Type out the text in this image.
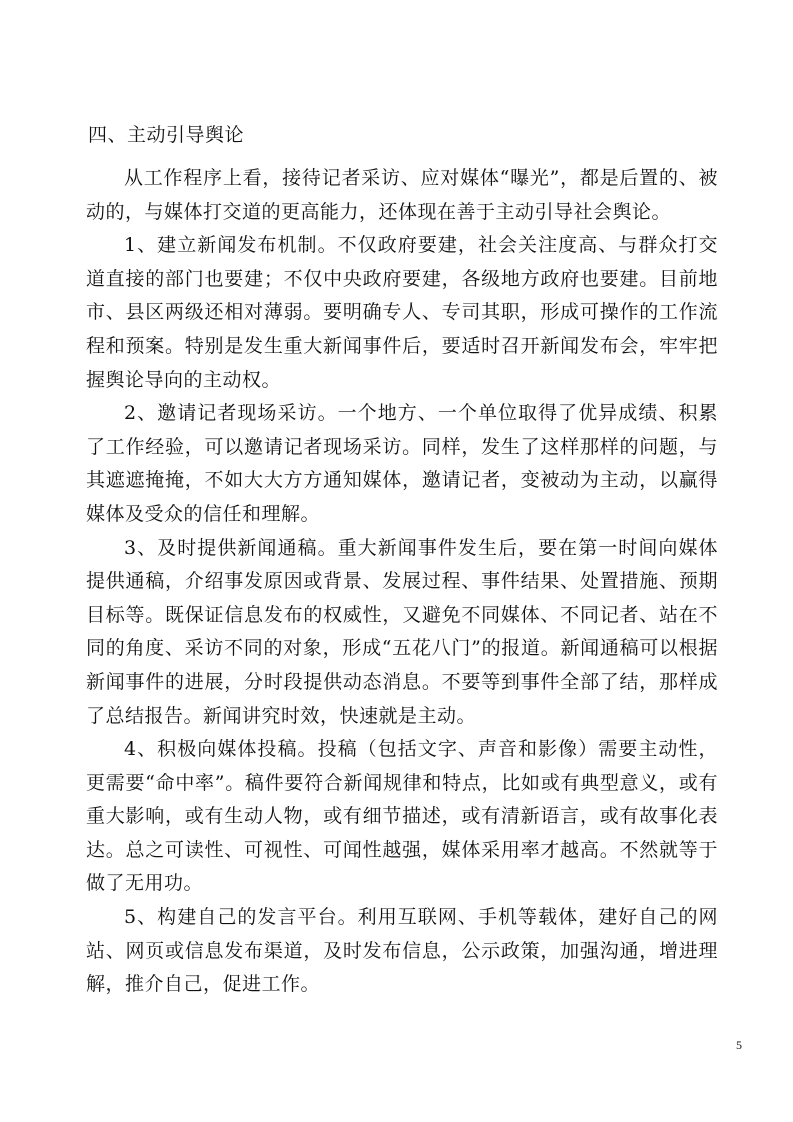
四、主动引导舆论

从工作程序上看，接待记者采访、应对媒体“曝光”，都是后置的、被动的，与媒体打交道的更高能力，还体现在善于主动引导社会舆论。

1、建立新闻发布机制。不仅政府要建，社会关注度高、与群众打交道直接的部门也要建；不仅中央政府要建，各级地方政府也要建。目前地市、县区两级还相对薄弱。要明确专人、专司其职，形成可操作的工作流程和预案。特别是发生重大新闻事件后，要适时召开新闻发布会，牢牢把握舆论导向的主动权。

2、邀请记者现场采访。一个地方、一个单位取得了优异成绩、积累了工作经验，可以邀请记者现场采访。同样，发生了这样那样的问题，与其遮遮掩掩，不如大大方方通知媒体，邀请记者，变被动为主动，以赢得媒体及受众的信任和理解。

3、及时提供新闻通稿。重大新闻事件发生后，要在第一时间向媒体提供通稿，介绍事发原因或背景、发展过程、事件结果、处置措施、预期目标等。既保证信息发布的权威性，又避免不同媒体、不同记者、站在不同的角度、采访不同的对象，形成“五花八门”的报道。新闻通稿可以根据新闻事件的进展，分时段提供动态消息。不要等到事件全部了结，那样成了总结报告。新闻讲究时效，快速就是主动。

4、积极向媒体投稿。投稿（包括文字、声音和影像）需要主动性，更需要“命中率”。稿件要符合新闻规律和特点，比如或有典型意义，或有重大影响，或有生动人物，或有细节描述，或有清新语言，或有故事化表达。总之可读性、可视性、可闻性越强，媒体采用率才越高。不然就等于做了无用功。

5、构建自己的发言平台。利用互联网、手机等载体，建好自己的网站、网页或信息发布渠道，及时发布信息，公示政策，加强沟通，增进理解，推介自己，促进工作。

5
